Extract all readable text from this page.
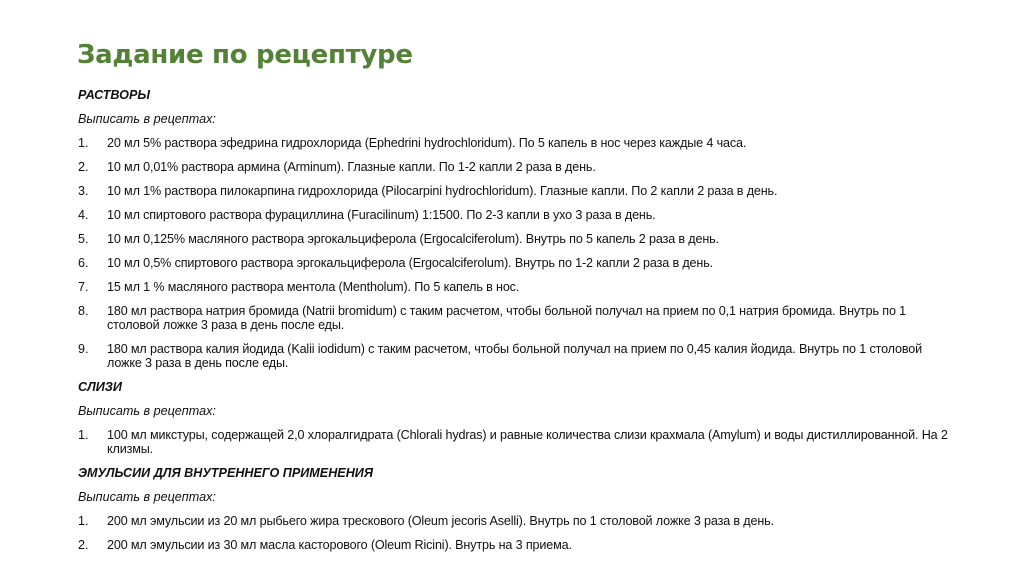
Задание по рецептуре
РАСТВОРЫ
Выписать в рецептах:
1.	20 мл 5% раствора эфедрина гидрохлорида (Ephedrini hydrochloridum). По 5 капель в нос через каждые 4 часа.
2.	10 мл 0,01% раствора армина (Arminum). Глазные капли. По 1-2 капли 2 раза в день.
3.	10 мл 1% раствора пилокарпина гидрохлорида (Pilocarpini hydrochloridum). Глазные капли. По 2 капли 2 раза в день.
4.	10 мл спиртового раствора фурациллина (Furacilinum) 1:1500. По 2-3 капли в ухо 3 раза в день.
5.	10 мл 0,125% масляного раствора эргокальциферола (Ergocalciferolum). Внутрь по 5 капель 2 раза в день.
6.	10 мл 0,5% спиртового раствора эргокальциферола (Ergocalciferolum). Внутрь по 1-2 капли 2 раза в день.
7.	15 мл 1 % масляного раствора ментола (Mentholum). По 5 капель в нос.
8.	180 мл раствора натрия бромида (Natrii bromidum) с таким расчетом, чтобы больной получал на прием по 0,1 натрия бромида. Внутрь по 1 столовой ложке 3 раза в день после еды.
9.	180 мл раствора калия йодида (Kalii iodidum) с таким расчетом, чтобы больной получал на прием по 0,45 калия йодида. Внутрь по 1 столовой ложке 3 раза в день после еды.
СЛИЗИ
Выписать в рецептах:
1.	100 мл микстуры, содержащей 2,0 хлоралгидрата (Chlorali hydras) и равные количества слизи крахмала (Amylum) и воды дистиллированной. На 2 клизмы.
ЭМУЛЬСИИ ДЛЯ ВНУТРЕННЕГО ПРИМЕНЕНИЯ
Выписать в рецептах:
1.	200 мл эмульсии из 20 мл рыбьего жира трескового (Oleum jecoris Aselli). Внутрь по 1 столовой ложке 3 раза в день.
2.	200 мл эмульсии из 30 мл масла касторового (Oleum Ricini). Внутрь на 3 приема.
